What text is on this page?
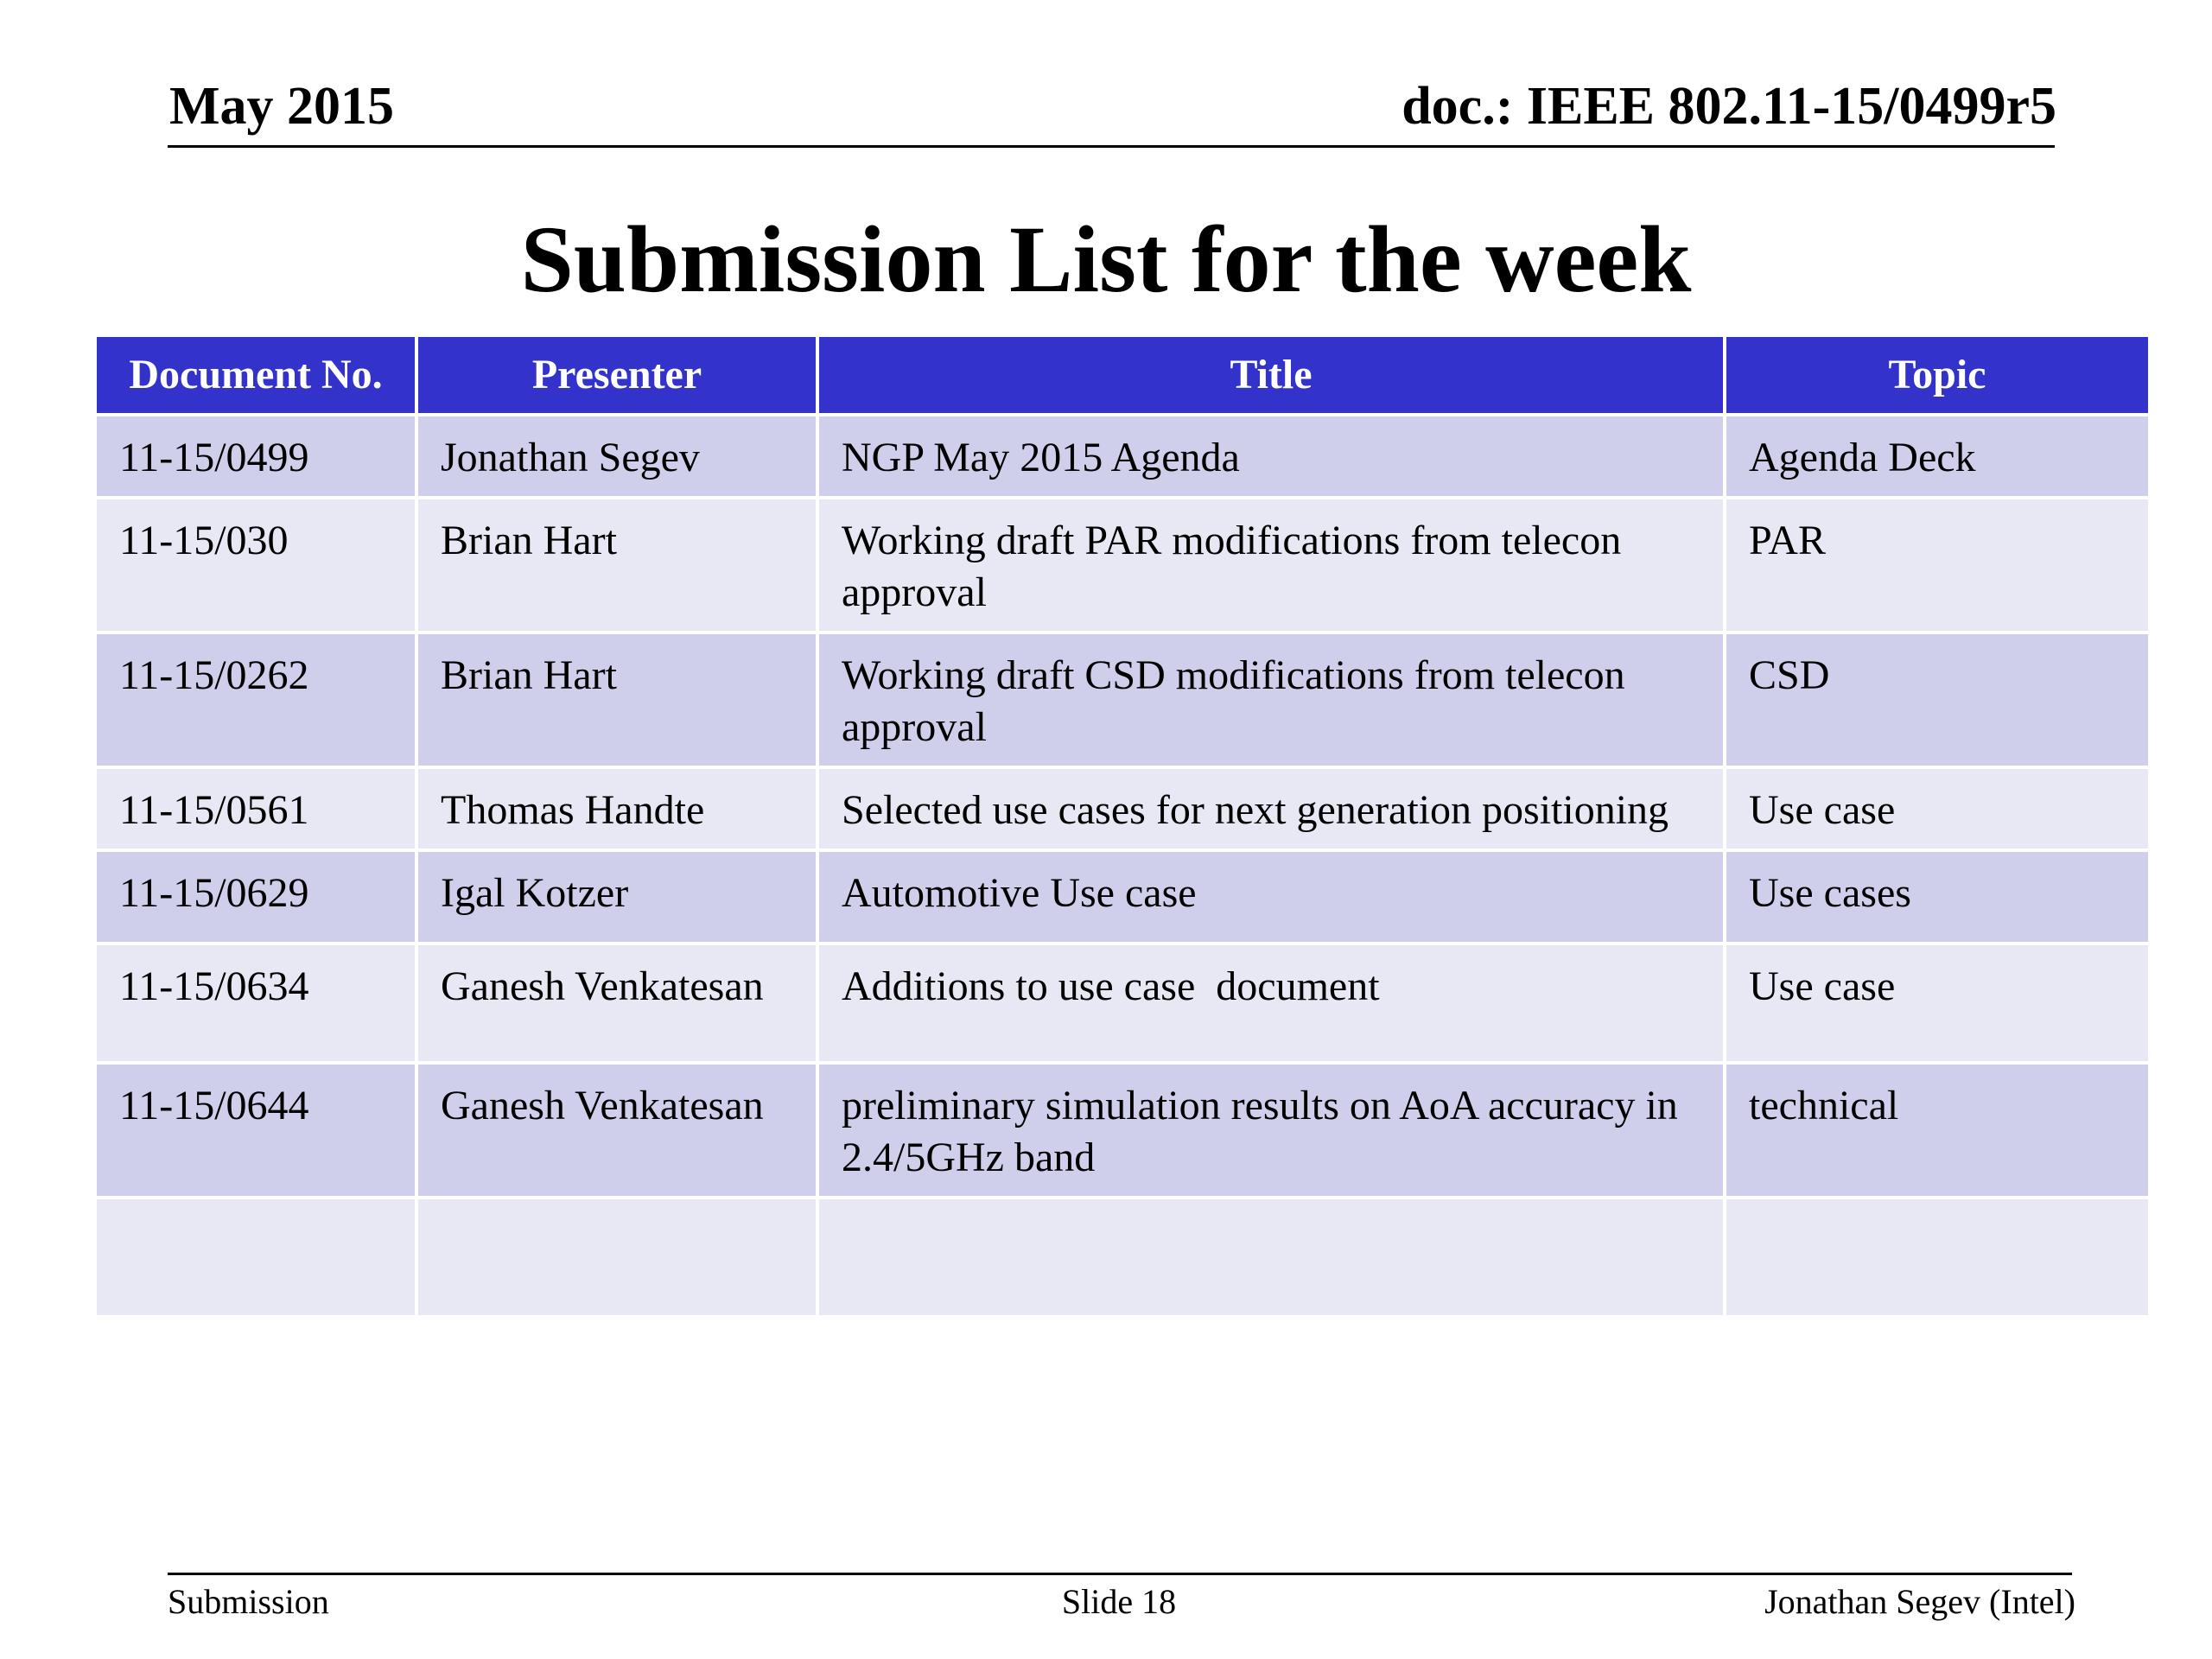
May 2015	doc.: IEEE 802.11-15/0499r5
Submission List for the week
Document No.	Presenter	Title	Topic
11-15/0499	Jonathan Segev	NGP May 2015 Agenda	Agenda Deck
11-15/030	Brian Hart	Working draft PAR modifications from telecon approval	PAR
11-15/0262	Brian Hart	Working draft CSD modifications from telecon approval	CSD
11-15/0561	Thomas Handte	Selected use cases for next generation positioning	Use case
11-15/0629	Igal Kotzer	Automotive Use case	Use cases
11-15/0634	Ganesh Venkatesan	Additions to use case  document	Use case
11-15/0644	Ganesh Venkatesan	preliminary simulation results on AoA accuracy in 2.4/5GHz band	technical

Submission	Slide 18	Jonathan Segev (Intel)
